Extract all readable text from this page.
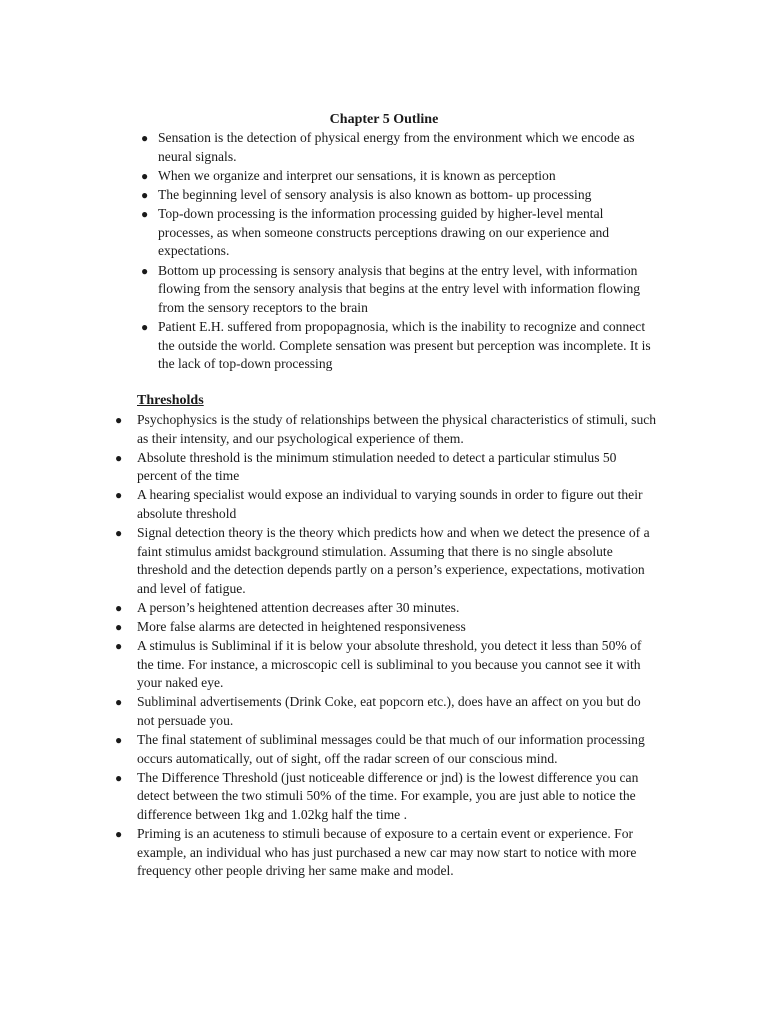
Chapter 5 Outline
● Sensation is the detection of physical energy from the environment which we encode as neural signals.
● When we organize and interpret our sensations, it is known as perception
● The beginning level of sensory analysis is also known as bottom- up processing
● Top-down processing is the information processing guided by higher-level mental processes, as when someone constructs perceptions drawing on our experience and expectations.
● Bottom up processing is sensory analysis that begins at the entry level, with information flowing from the sensory analysis that begins at the entry level with information flowing from the sensory receptors to the brain
● Patient E.H. suffered from propopagnosia, which is the inability to recognize and connect the outside the world. Complete sensation was present but perception was incomplete. It is the lack of top-down processing
Thresholds
● Psychophysics is the study of relationships between the physical characteristics of stimuli, such as their intensity, and our psychological experience of them.
● Absolute threshold is the minimum stimulation needed to detect a particular stimulus 50 percent of the time
● A hearing specialist would expose an individual to varying sounds in order to figure out their absolute threshold
● Signal detection theory is the theory which predicts how and when we detect the presence of a faint stimulus amidst background stimulation. Assuming that there is no single absolute threshold and the detection depends partly on a person’s experience, expectations, motivation and level of fatigue.
● A person’s heightened attention decreases after 30 minutes.
● More false alarms are detected in heightened responsiveness
● A stimulus is Subliminal if it is below your absolute threshold, you detect it less than 50% of the time. For instance, a microscopic cell is subliminal to you because you cannot see it with your naked eye.
● Subliminal advertisements (Drink Coke, eat popcorn etc.), does have an affect on you but do not persuade you.
● The final statement of subliminal messages could be that much of our information processing occurs automatically, out of sight, off the radar screen of our conscious mind.
● The Difference Threshold (just noticeable difference or jnd) is the lowest difference you can detect between the two stimuli 50% of the time. For example, you are just able to notice the difference between 1kg and 1.02kg half the time .
● Priming is an acuteness to stimuli because of exposure to a certain event or experience. For example, an individual who has just purchased a new car may now start to notice with more frequency other people driving her same make and model.
